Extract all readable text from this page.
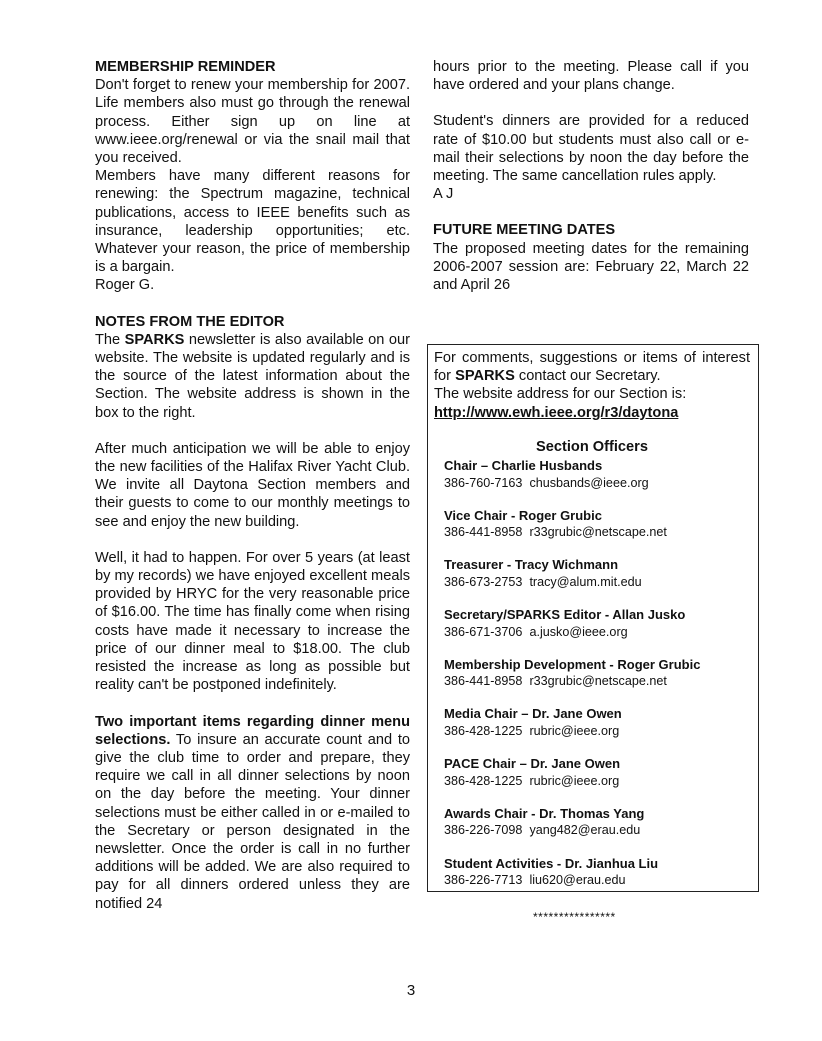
MEMBERSHIP REMINDER

Don't forget to renew your membership for 2007. Life members also must go through the renewal process. Either sign up on line at www.ieee.org/renewal or via the snail mail that you received.

Members have many different reasons for renewing: the Spectrum magazine, technical publications, access to IEEE benefits such as insurance, leadership opportunities; etc. Whatever your reason, the price of membership is a bargain.

Roger G.

NOTES FROM THE EDITOR

The SPARKS newsletter is also available on our website. The website is updated regularly and is the source of the latest information about the Section. The website address is shown in the box to the right.

After much anticipation we will be able to enjoy the new facilities of the Halifax River Yacht Club. We invite all Daytona Section members and their guests to come to our monthly meetings to see and enjoy the new building.

Well, it had to happen. For over 5 years (at least by my records) we have enjoyed excellent meals provided by HRYC for the very reasonable price of $16.00. The time has finally come when rising costs have made it necessary to increase the price of our dinner meal to $18.00. The club resisted the increase as long as possible but reality can't be postponed indefinitely.

Two important items regarding dinner menu selections. To insure an accurate count and to give the club time to order and prepare, they require we call in all dinner selections by noon on the day before the meeting. Your dinner selections must be either called in or e-mailed to the Secretary or person designated in the newsletter. Once the order is call in no further additions will be added. We are also required to pay for all dinners ordered unless they are notified 24

hours prior to the meeting. Please call if you have ordered and your plans change.

Student's dinners are provided for a reduced rate of $10.00 but students must also call or e-mail their selections by noon the day before the meeting. The same cancellation rules apply.

A J

FUTURE MEETING DATES

The proposed meeting dates for the remaining 2006-2007 session are: February 22, March 22 and April 26

For comments, suggestions or items of interest for SPARKS contact our Secretary.

The website address for our Section is:

http://www.ewh.ieee.org/r3/daytona
Section Officers
Chair – Charlie Husbands
386-760-7163 chusbands@ieee.org
Vice Chair - Roger Grubic
386-441-8958 r33grubic@netscape.net
Treasurer - Tracy Wichmann
386-673-2753 tracy@alum.mit.edu
Secretary/SPARKS Editor - Allan Jusko
386-671-3706 a.jusko@ieee.org
Membership Development - Roger Grubic
386-441-8958 r33grubic@netscape.net
Media Chair – Dr. Jane Owen
386-428-1225 rubric@ieee.org
PACE Chair – Dr. Jane Owen
386-428-1225 rubric@ieee.org
Awards Chair - Dr. Thomas Yang
386-226-7098 yang482@erau.edu
Student Activities - Dr. Jianhua Liu
386-226-7713 liu620@erau.edu
****************
3
